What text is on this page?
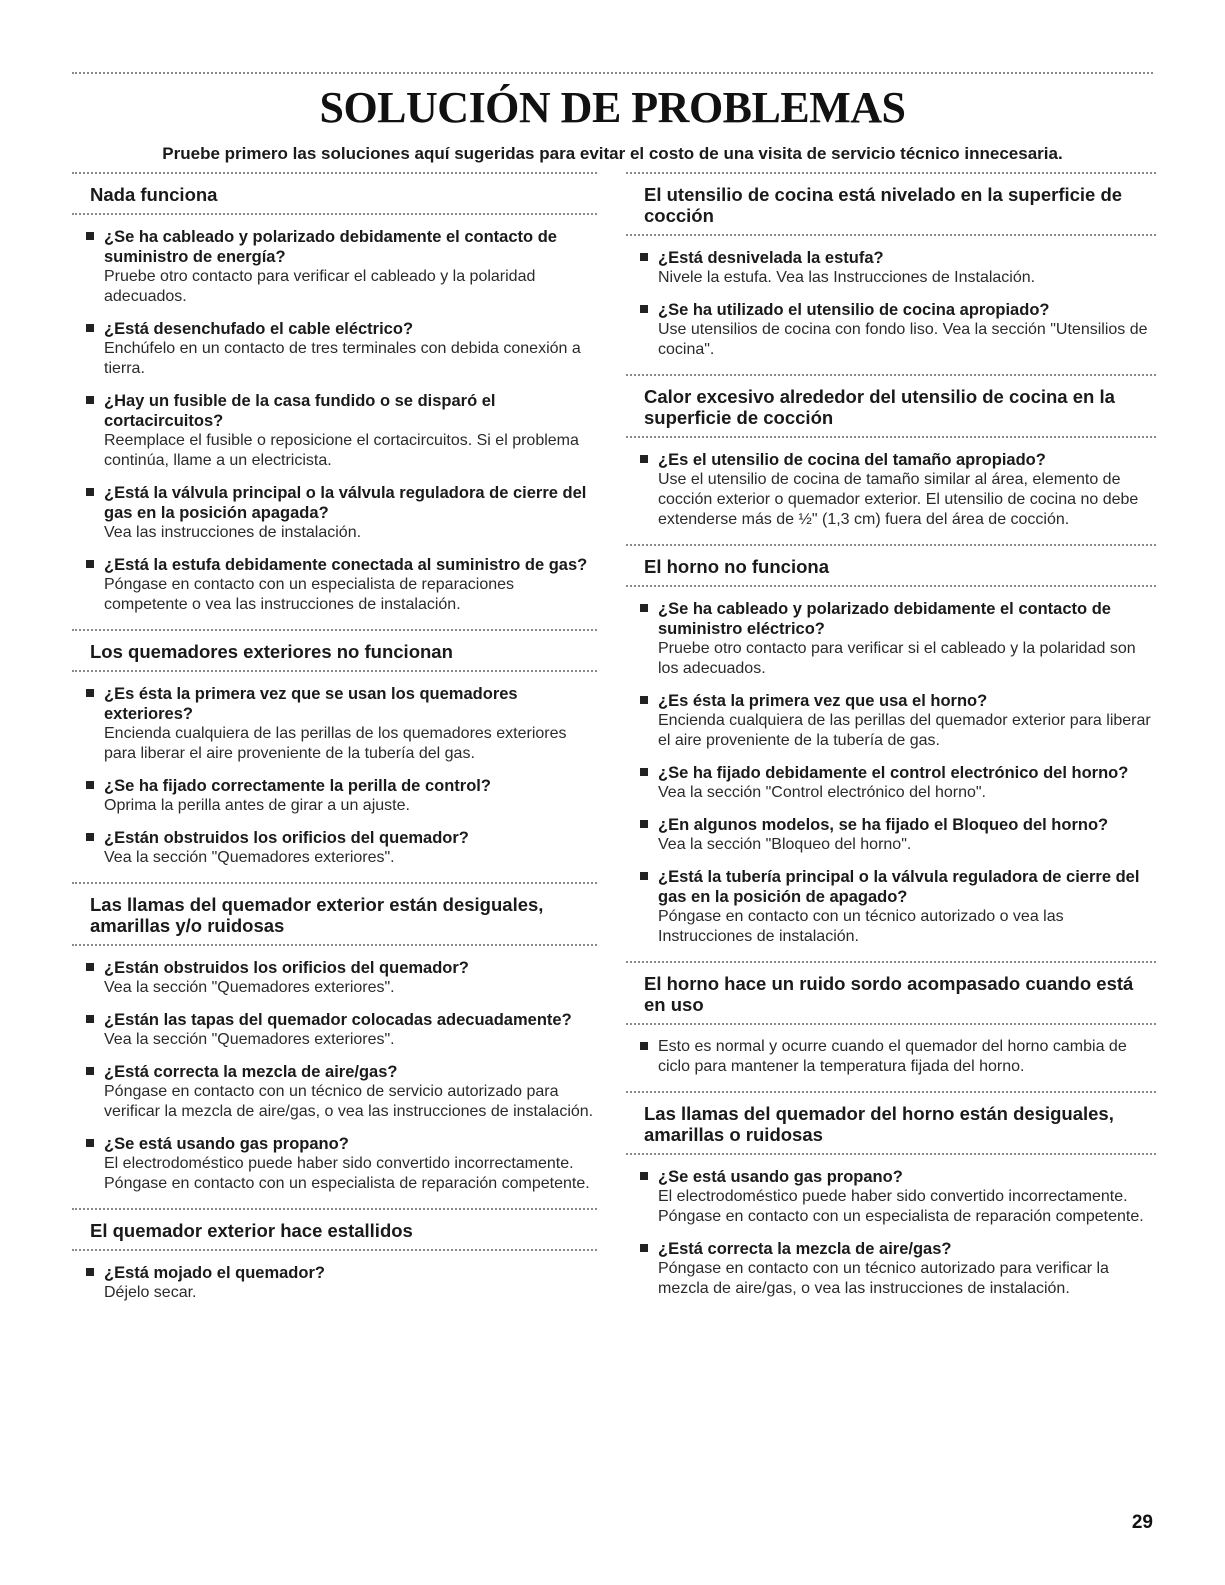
SOLUCIÓN DE PROBLEMAS

Pruebe primero las soluciones aquí sugeridas para evitar el costo de una visita de servicio técnico innecesaria.

Nada funciona

¿Se ha cableado y polarizado debidamente el contacto de suministro de energía?

Pruebe otro contacto para verificar el cableado y la polaridad adecuados.

¿Está desenchufado el cable eléctrico?

Enchúfelo en un contacto de tres terminales con debida conexión a tierra.

¿Hay un fusible de la casa fundido o se disparó el cortacircuitos?

Reemplace el fusible o reposicione el cortacircuitos. Si el problema continúa, llame a un electricista.

¿Está la válvula principal o la válvula reguladora de cierre del gas en la posición apagada?

Vea las instrucciones de instalación.

¿Está la estufa debidamente conectada al suministro de gas?

Póngase en contacto con un especialista de reparaciones competente o vea las instrucciones de instalación.

Los quemadores exteriores no funcionan

¿Es ésta la primera vez que se usan los quemadores exteriores?

Encienda cualquiera de las perillas de los quemadores exteriores para liberar el aire proveniente de la tubería del gas.

¿Se ha fijado correctamente la perilla de control?

Oprima la perilla antes de girar a un ajuste.

¿Están obstruidos los orificios del quemador?

Vea la sección "Quemadores exteriores".

Las llamas del quemador exterior están desiguales, amarillas y/o ruidosas

¿Están obstruidos los orificios del quemador?

Vea la sección "Quemadores exteriores".

¿Están las tapas del quemador colocadas adecuadamente?

Vea la sección "Quemadores exteriores".

¿Está correcta la mezcla de aire/gas?

Póngase en contacto con un técnico de servicio autorizado para verificar la mezcla de aire/gas, o vea las instrucciones de instalación.

¿Se está usando gas propano?

El electrodoméstico puede haber sido convertido incorrectamente. Póngase en contacto con un especialista de reparación competente.

El quemador exterior hace estallidos

¿Está mojado el quemador?

Déjelo secar.

El utensilio de cocina está nivelado en la superficie de cocción

¿Está desnivelada la estufa?

Nivele la estufa. Vea las Instrucciones de Instalación.

¿Se ha utilizado el utensilio de cocina apropiado?

Use utensilios de cocina con fondo liso. Vea la sección "Utensilios de cocina".

Calor excesivo alrededor del utensilio de cocina en la superficie de cocción

¿Es el utensilio de cocina del tamaño apropiado?

Use el utensilio de cocina de tamaño similar al área, elemento de cocción exterior o quemador exterior. El utensilio de cocina no debe extenderse más de ½" (1,3 cm) fuera del área de cocción.

El horno no funciona

¿Se ha cableado y polarizado debidamente el contacto de suministro eléctrico?

Pruebe otro contacto para verificar si el cableado y la polaridad son los adecuados.

¿Es ésta la primera vez que usa el horno?

Encienda cualquiera de las perillas del quemador exterior para liberar el aire proveniente de la tubería de gas.

¿Se ha fijado debidamente el control electrónico del horno?

Vea la sección "Control electrónico del horno".

¿En algunos modelos, se ha fijado el Bloqueo del horno?

Vea la sección "Bloqueo del horno".

¿Está la tubería principal o la válvula reguladora de cierre del gas en la posición de apagado?

Póngase en contacto con un técnico autorizado o vea las Instrucciones de instalación.

El horno hace un ruido sordo acompasado cuando está en uso

Esto es normal y ocurre cuando el quemador del horno cambia de ciclo para mantener la temperatura fijada del horno.

Las llamas del quemador del horno están desiguales, amarillas o ruidosas

¿Se está usando gas propano?

El electrodoméstico puede haber sido convertido incorrectamente. Póngase en contacto con un especialista de reparación competente.

¿Está correcta la mezcla de aire/gas?

Póngase en contacto con un técnico autorizado para verificar la mezcla de aire/gas, o vea las instrucciones de instalación.

29
